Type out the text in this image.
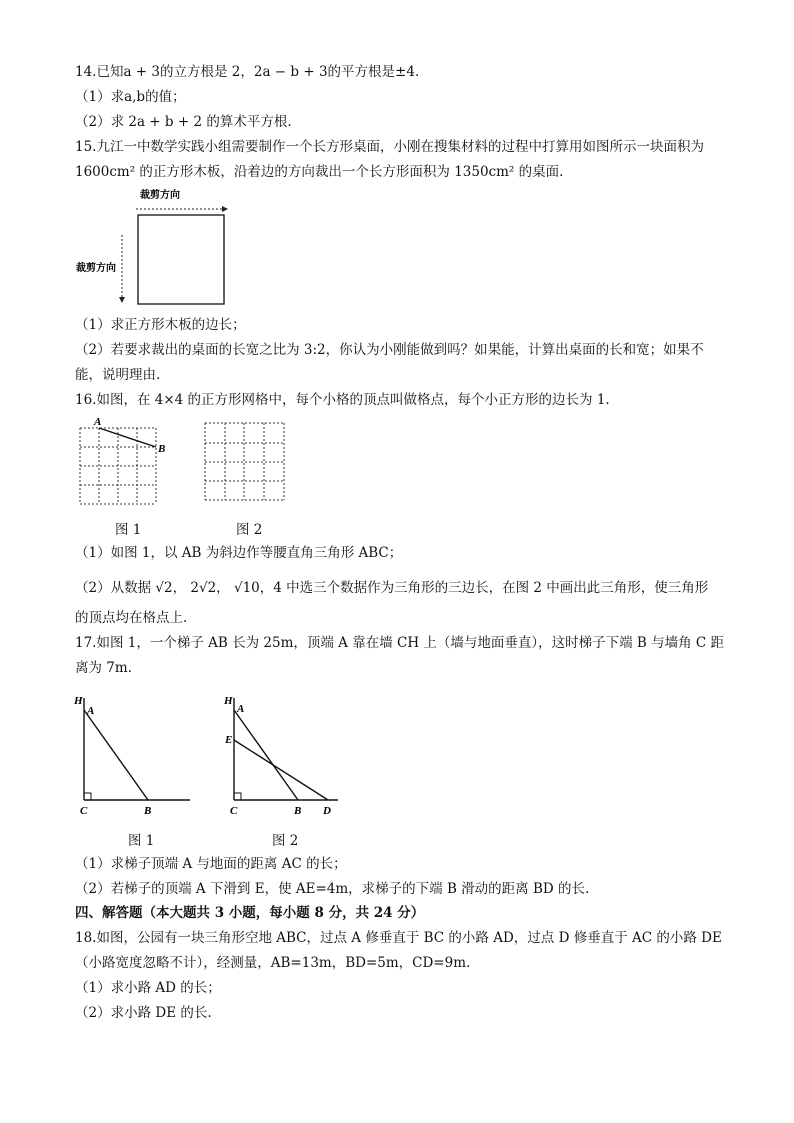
14.已知a + 3的立方根是 2，2a − b + 3的平方根是±4.
（1）求a,b的值；
（2）求 2a + b + 2 的算术平方根.
15.九江一中数学实践小组需要制作一个长方形桌面，小刚在搜集材料的过程中打算用如图所示一块面积为
1600cm² 的正方形木板，沿着边的方向裁出一个长方形面积为 1350cm² 的桌面.
裁剪方向
裁剪方向
（1）求正方形木板的边长；
（2）若要求裁出的桌面的长宽之比为 3:2，你认为小刚能做到吗？如果能，计算出桌面的长和宽；如果不
能，说明理由.
16.如图，在 4×4 的正方形网格中，每个小格的顶点叫做格点，每个小正方形的边长为 1.
A
B
图 1	图 2
（1）如图 1，以 AB 为斜边作等腰直角三角形 ABC；
（2）从数据 √2， 2√2， √10，4 中选三个数据作为三角形的三边长，在图 2 中画出此三角形，使三角形
的顶点均在格点上.
17.如图 1，一个梯子 AB 长为 25m，顶端 A 靠在墙 CH 上（墙与地面垂直），这时梯子下端 B 与墙角 C 距
离为 7m.
H
A
C	B
H
A
E
C	B D
图 1	图 2
（1）求梯子顶端 A 与地面的距离 AC 的长；
（2）若梯子的顶端 A 下滑到 E，使 AE=4m，求梯子的下端 B 滑动的距离 BD 的长.
四、解答题（本大题共 3 小题，每小题 8 分，共 24 分）
18.如图，公园有一块三角形空地 ABC，过点 A 修垂直于 BC 的小路 AD，过点 D 修垂直于 AC 的小路 DE
（小路宽度忽略不计），经测量，AB=13m，BD=5m，CD=9m.
（1）求小路 AD 的长；
（2）求小路 DE 的长.
